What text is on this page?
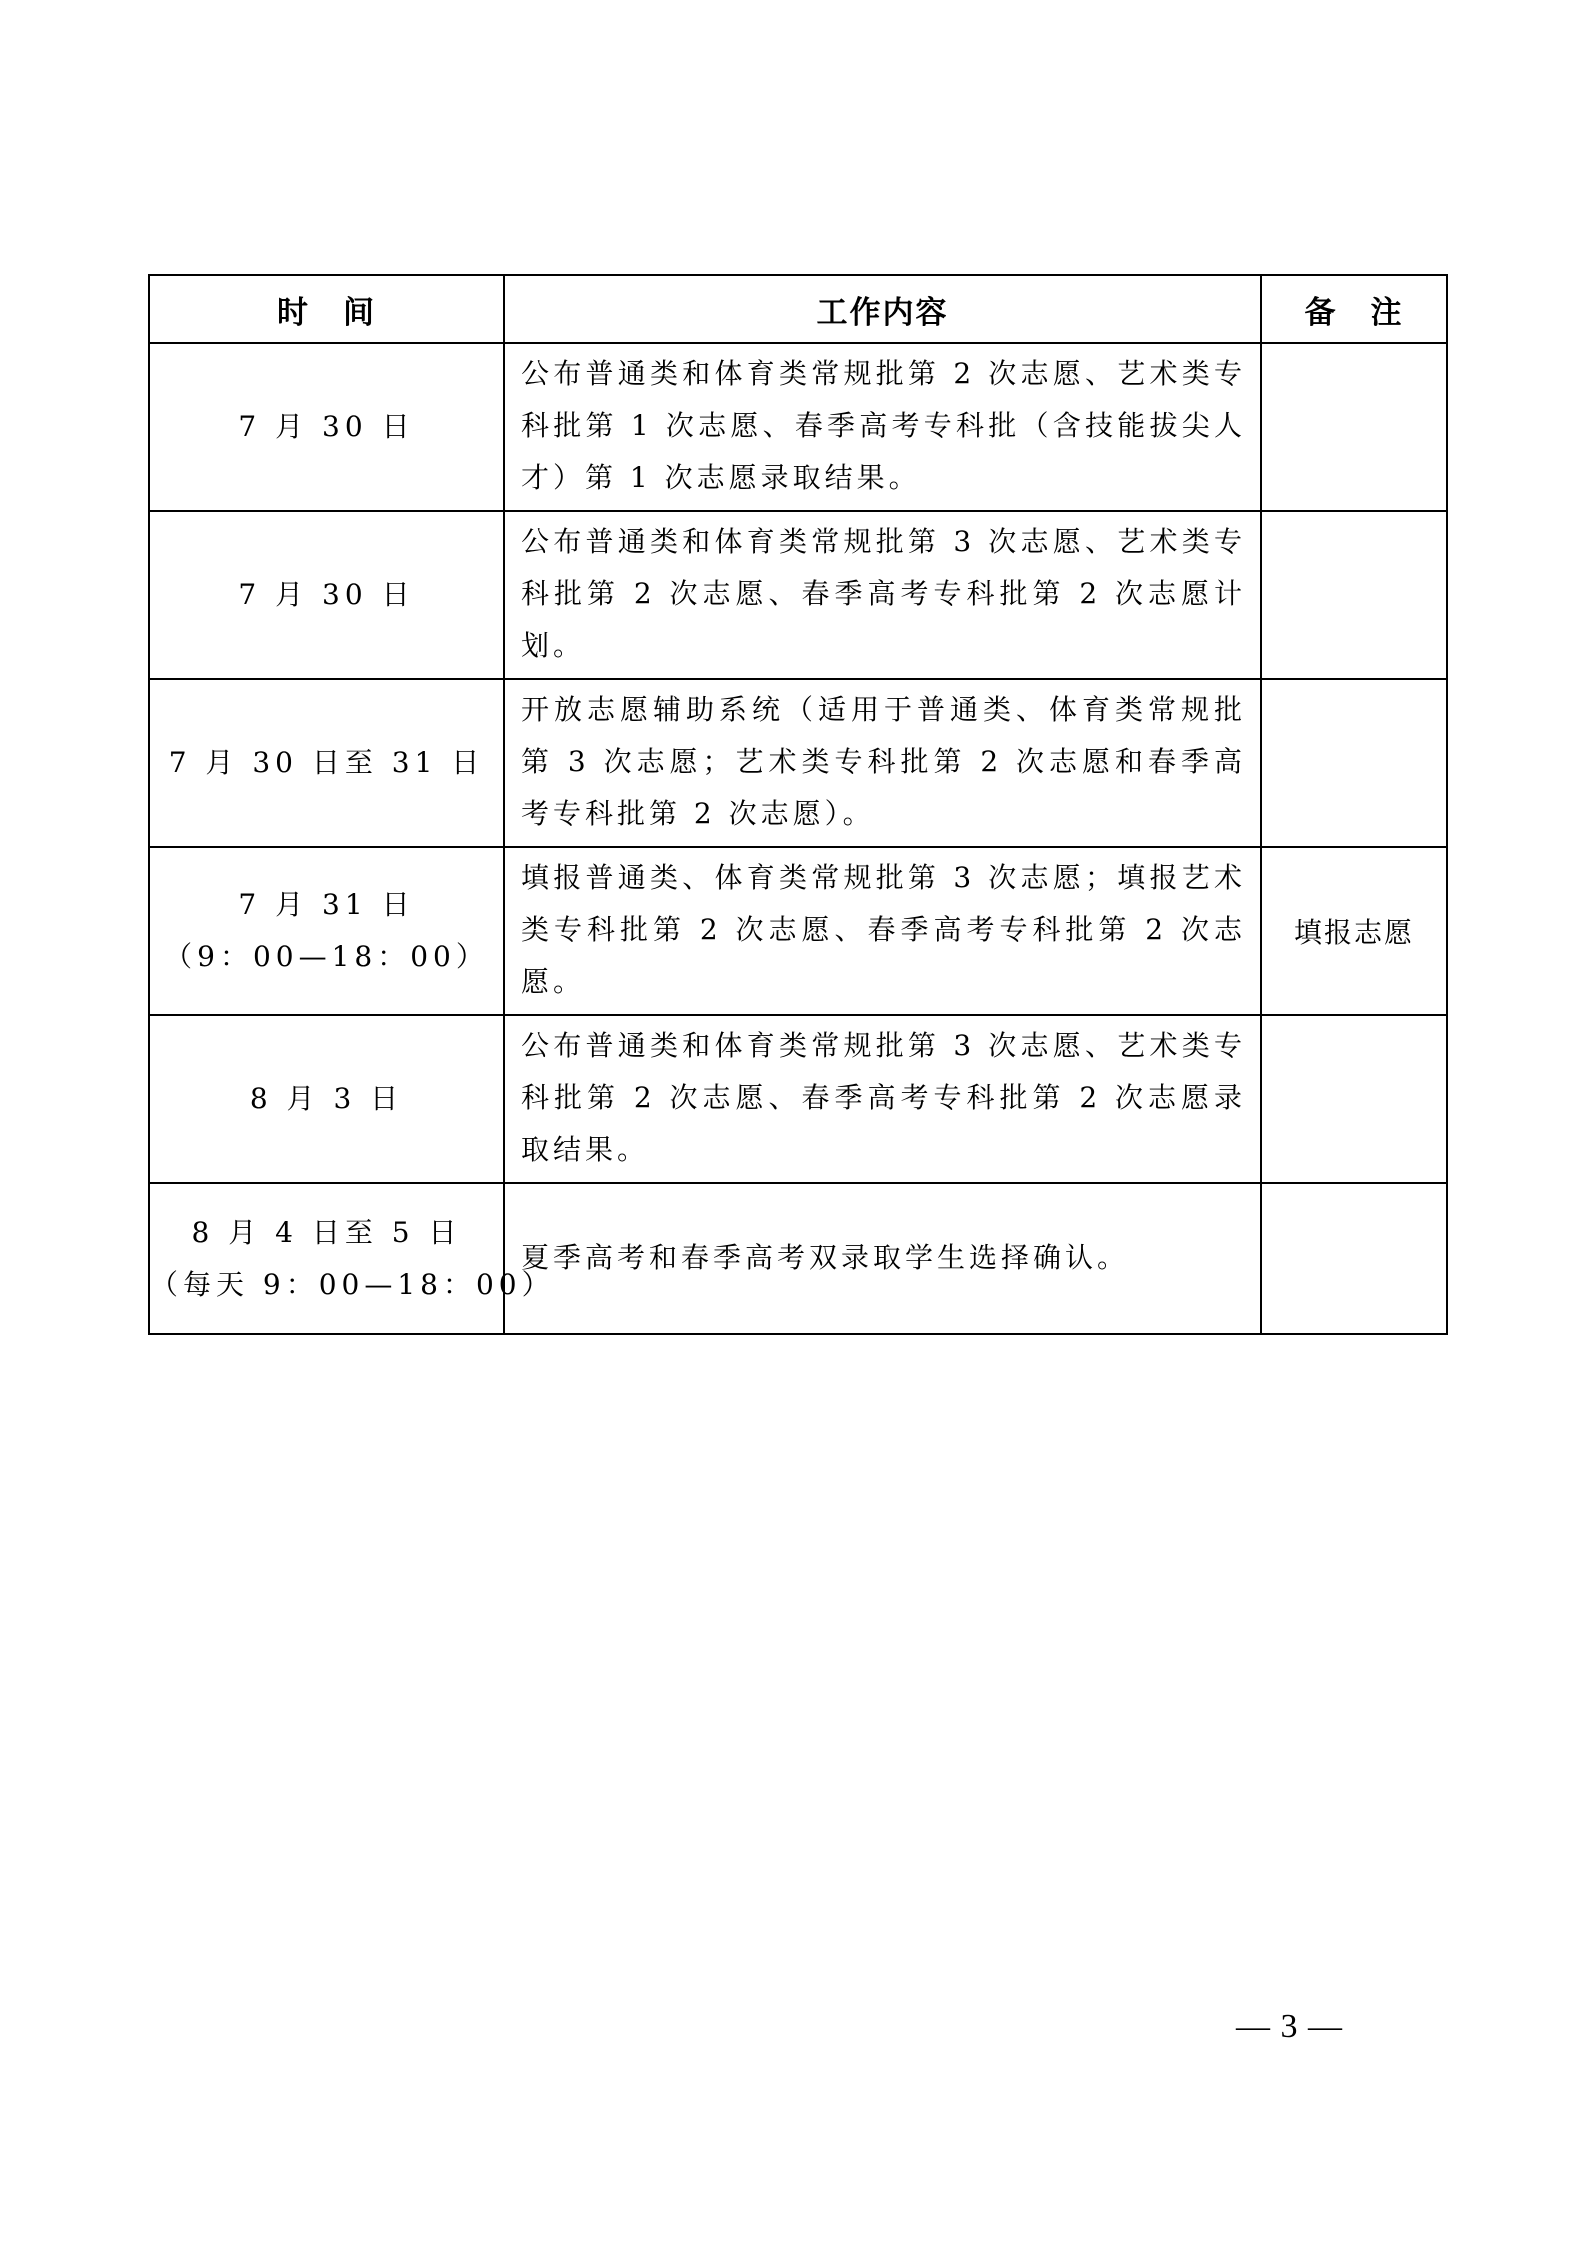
时　间	工作内容	备　注

7 月 30 日	公布普通类和体育类常规批第 2 次志愿、艺术类专科批第 1 次志愿、春季高考专科批（含技能拔尖人才）第 1 次志愿录取结果。	

7 月 30 日	公布普通类和体育类常规批第 3 次志愿、艺术类专科批第 2 次志愿、春季高考专科批第 2 次志愿计划。	

7 月 30 日至 31 日	开放志愿辅助系统（适用于普通类、体育类常规批第 3 次志愿；艺术类专科批第 2 次志愿和春季高考专科批第 2 次志愿）。	

7 月 31 日
（9：00—18：00）	填报普通类、体育类常规批第 3 次志愿；填报艺术类专科批第 2 次志愿、春季高考专科批第 2 次志愿。	填报志愿

8 月 3 日	公布普通类和体育类常规批第 3 次志愿、艺术类专科批第 2 次志愿、春季高考专科批第 2 次志愿录取结果。	

8 月 4 日至 5 日
（每天 9：00—18：00）	夏季高考和春季高考双录取学生选择确认。	
— 3 —
